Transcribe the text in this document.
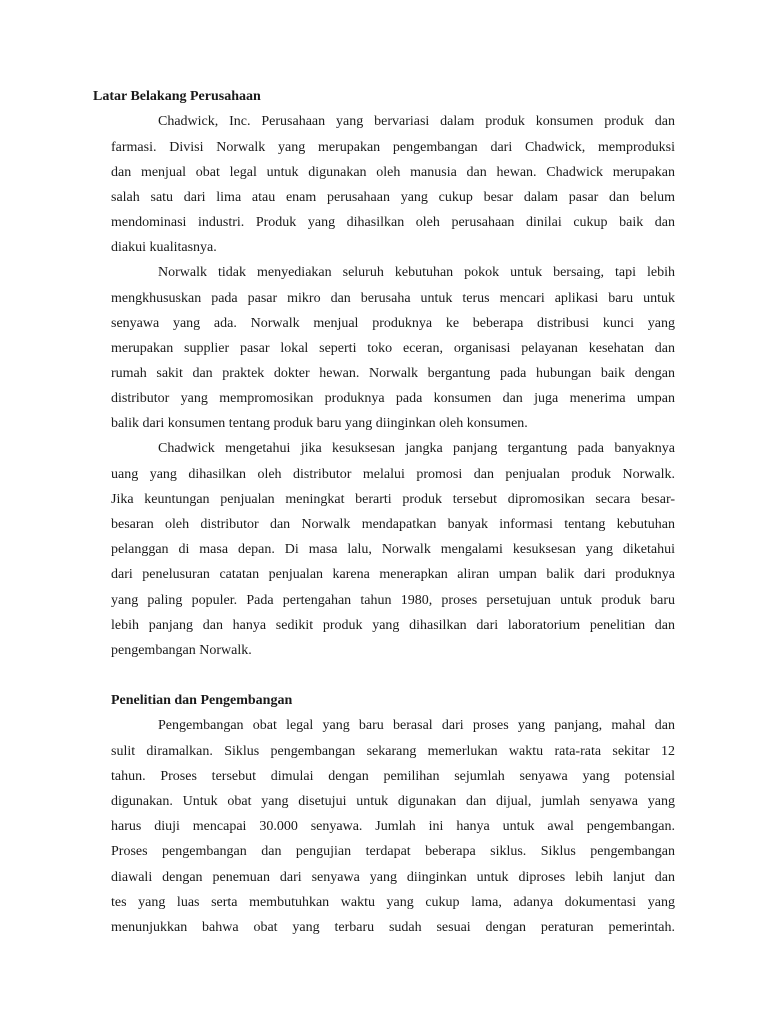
Latar Belakang Perusahaan
Chadwick, Inc. Perusahaan yang bervariasi dalam produk konsumen produk dan
farmasi. Divisi Norwalk yang merupakan pengembangan dari Chadwick, memproduksi
dan menjual obat legal untuk digunakan oleh manusia dan hewan. Chadwick merupakan
salah satu dari lima atau enam perusahaan yang cukup besar dalam pasar dan belum
mendominasi industri. Produk yang dihasilkan oleh perusahaan dinilai cukup baik dan
diakui kualitasnya.
Norwalk tidak menyediakan seluruh kebutuhan pokok untuk bersaing, tapi lebih
mengkhususkan pada pasar mikro dan berusaha untuk terus mencari aplikasi baru untuk
senyawa yang ada. Norwalk menjual produknya ke beberapa distribusi kunci yang
merupakan supplier pasar lokal seperti toko eceran, organisasi pelayanan kesehatan dan
rumah sakit dan praktek dokter hewan. Norwalk bergantung pada hubungan baik dengan
distributor yang mempromosikan produknya pada konsumen dan juga menerima umpan
balik dari konsumen tentang produk baru yang diinginkan oleh konsumen.
Chadwick mengetahui jika kesuksesan jangka panjang tergantung pada banyaknya
uang yang dihasilkan oleh distributor melalui promosi dan penjualan produk Norwalk.
Jika keuntungan penjualan meningkat berarti produk tersebut dipromosikan secara besar-
besaran oleh distributor dan Norwalk mendapatkan banyak informasi tentang kebutuhan
pelanggan di masa depan. Di masa lalu, Norwalk mengalami kesuksesan yang diketahui
dari penelusuran catatan penjualan karena menerapkan aliran umpan balik dari produknya
yang paling populer. Pada pertengahan tahun 1980, proses persetujuan untuk produk baru
lebih panjang dan hanya sedikit produk yang dihasilkan dari laboratorium penelitian dan
pengembangan Norwalk.
Penelitian dan Pengembangan
Pengembangan obat legal yang baru berasal dari proses yang panjang, mahal dan
sulit diramalkan. Siklus pengembangan sekarang memerlukan waktu rata-rata sekitar 12
tahun. Proses tersebut dimulai dengan pemilihan sejumlah senyawa yang potensial
digunakan. Untuk obat yang disetujui untuk digunakan dan dijual, jumlah senyawa yang
harus diuji mencapai 30.000 senyawa. Jumlah ini hanya untuk awal pengembangan.
Proses pengembangan dan pengujian terdapat beberapa siklus. Siklus pengembangan
diawali dengan penemuan dari senyawa yang diinginkan untuk diproses lebih lanjut dan
tes yang luas serta membutuhkan waktu yang cukup lama, adanya dokumentasi yang
menunjukkan bahwa obat yang terbaru sudah sesuai dengan peraturan pemerintah.
